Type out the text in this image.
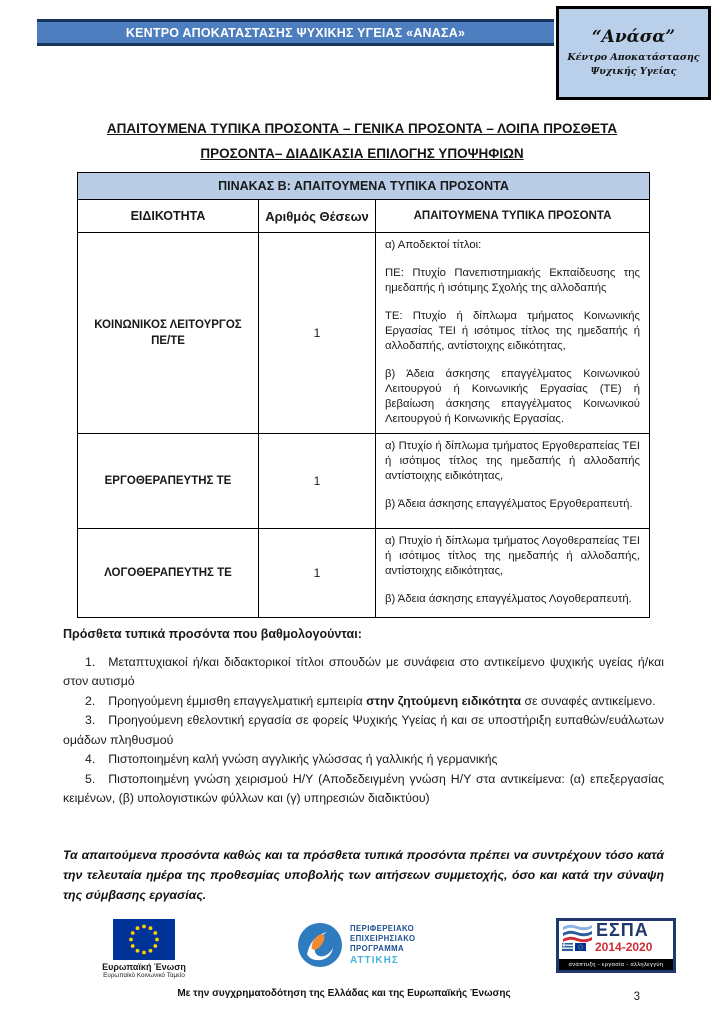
ΚΕΝΤΡΟ ΑΠΟΚΑΤΑΣΤΑΣΗΣ ΨΥΧΙΚΗΣ ΥΓΕΙΑΣ «ΑΝΑΣΑ»	“Ανάσα”
Κέντρο Αποκατάστασης
Ψυχικής Υγείας
ΑΠΑΙΤΟΥΜΕΝΑ ΤΥΠΙΚΑ ΠΡΟΣΟΝΤΑ – ΓΕΝΙΚΑ ΠΡΟΣΟΝΤΑ – ΛΟΙΠΑ ΠΡΟΣΘΕΤΑ
ΠΡΟΣΟΝΤΑ– ΔΙΑΔΙΚΑΣΙΑ ΕΠΙΛΟΓΗΣ ΥΠΟΨΗΦΙΩΝ
ΠΙΝΑΚΑΣ Β: ΑΠΑΙΤΟΥΜΕΝΑ ΤΥΠΙΚΑ ΠΡΟΣΟΝΤΑ		
ΕΙΔΙΚΟΤΗΤΑ	Αριθμός Θέσεων	ΑΠΑΙΤΟΥΜΕΝΑ ΤΥΠΙΚΑ ΠΡΟΣΟΝΤΑ
ΚΟΙΝΩΝΙΚΟΣ ΛΕΙΤΟΥΡΓΟΣ ΠΕ/ΤΕ	1	α) Αποδεκτοί τίτλοι:

ΠΕ: Πτυχίο Πανεπιστημιακής Εκπαίδευσης της ημεδαπής ή ισότιμης Σχολής της αλλοδαπής

ΤΕ: Πτυχίο ή δίπλωμα τμήματος Κοινωνικής Εργασίας ΤΕΙ ή ισότιμος τίτλος της ημεδαπής ή αλλοδαπής, αντίστοιχης ειδικότητας,

β) Άδεια άσκησης επαγγέλματος Κοινωνικού Λειτουργού ή Κοινωνικής Εργασίας (ΤΕ) ή βεβαίωση άσκησης επαγγέλματος Κοινωνικού Λειτουργού ή Κοινωνικής Εργασίας.

ΕΡΓΟΘΕΡΑΠΕΥΤΗΣ ΤΕ	1	α) Πτυχίο ή δίπλωμα τμήματος Εργοθεραπείας ΤΕΙ ή ισότιμος τίτλος της ημεδαπής ή αλλοδαπής αντίστοιχης ειδικότητας,

β) Άδεια άσκησης επαγγέλματος Εργοθεραπευτή.

ΛΟΓΟΘΕΡΑΠΕΥΤΗΣ ΤΕ	1	α) Πτυχίο ή δίπλωμα τμήματος Λογοθεραπείας ΤΕΙ ή ισότιμος τίτλος της ημεδαπής ή αλλοδαπής, αντίστοιχης ειδικότητας,

β) Άδεια άσκησης επαγγέλματος Λογοθεραπευτή.

Πρόσθετα τυπικά προσόντα που βαθμολογούνται:

1. Μεταπτυχιακοί ή/και διδακτορικοί τίτλοι σπουδών με συνάφεια στο αντικείμενο ψυχικής υγείας ή/και στον αυτισμό

2. Προηγούμενη έμμισθη επαγγελματική εμπειρία στην ζητούμενη ειδικότητα σε συναφές αντικείμενο.

3. Προηγούμενη εθελοντική εργασία σε φορείς Ψυχικής Υγείας ή και σε υποστήριξη ευπαθών/ευάλωτων ομάδων πληθυσμού

4. Πιστοποιημένη καλή γνώση αγγλικής γλώσσας ή γαλλικής ή γερμανικής

5. Πιστοποιημένη γνώση χειρισμού Η/Υ (Αποδεδειγμένη γνώση Η/Υ στα αντικείμενα: (α) επεξεργασίας κειμένων, (β) υπολογιστικών φύλλων και (γ) υπηρεσιών διαδικτύου)

Τα απαιτούμενα προσόντα καθώς και τα πρόσθετα τυπικά προσόντα πρέπει να συντρέχουν τόσο κατά την τελευταία ημέρα της προθεσμίας υποβολής των αιτήσεων συμμετοχής, όσο και κατά την σύναψη της σύμβασης εργασίας.
Ευρωπαϊκή Ένωση
Ευρωπαϊκό Κοινωνικό Ταμείο
ΠΕΡΙΦΕΡΕΙΑΚΟ
ΕΠΙΧΕΙΡΗΣΙΑΚΟ
ΠΡΟΓΡΑΜΜΑ
ΑΤΤΙΚΗΣ
ΕΣΠΑ
2014-2020
ανάπτυξη - εργασία - αλληλεγγύη
Με την συγχρηματοδότηση της Ελλάδας και της Ευρωπαϊκής Ένωσης	3
